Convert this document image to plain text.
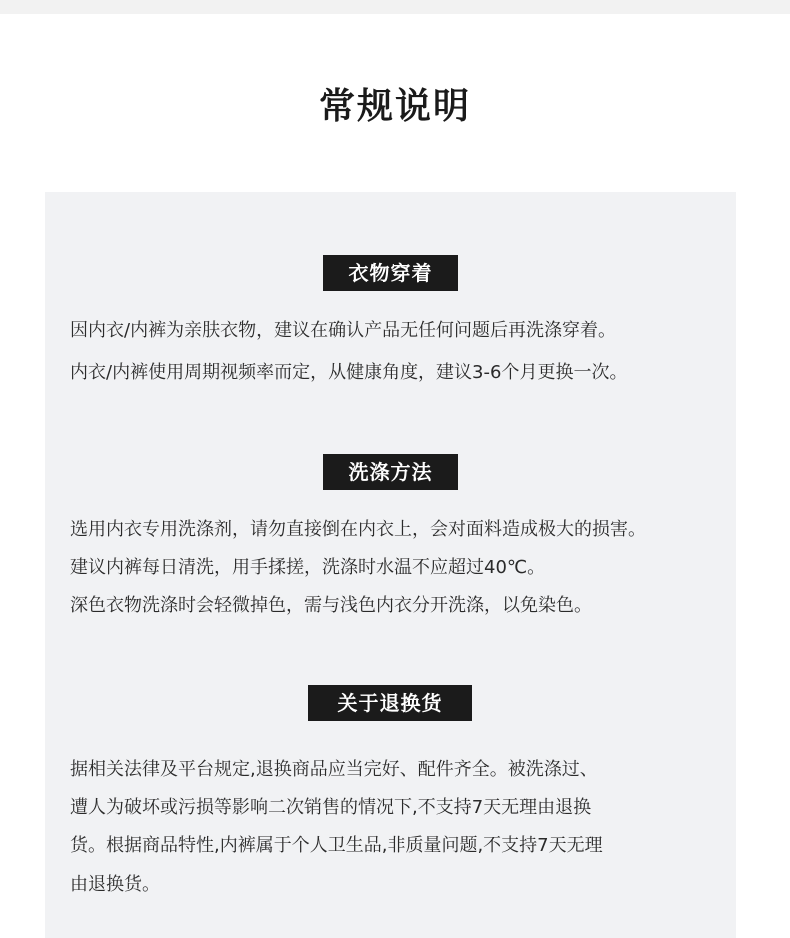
常规说明
衣物穿着
因内衣/内裤为亲肤衣物，建议在确认产品无任何问题后再洗涤穿着。
内衣/内裤使用周期视频率而定，从健康角度，建议3-6个月更换一次。
洗涤方法
选用内衣专用洗涤剂，请勿直接倒在内衣上，会对面料造成极大的损害。
建议内裤每日清洗，用手揉搓，洗涤时水温不应超过40℃。
深色衣物洗涤时会轻微掉色，需与浅色内衣分开洗涤，以免染色。
关于退换货
据相关法律及平台规定,退换商品应当完好、配件齐全。被洗涤过、
遭人为破坏或污损等影响二次销售的情况下,不支持7天无理由退换
货。根据商品特性,内裤属于个人卫生品,非质量问题,不支持7天无理
由退换货。
